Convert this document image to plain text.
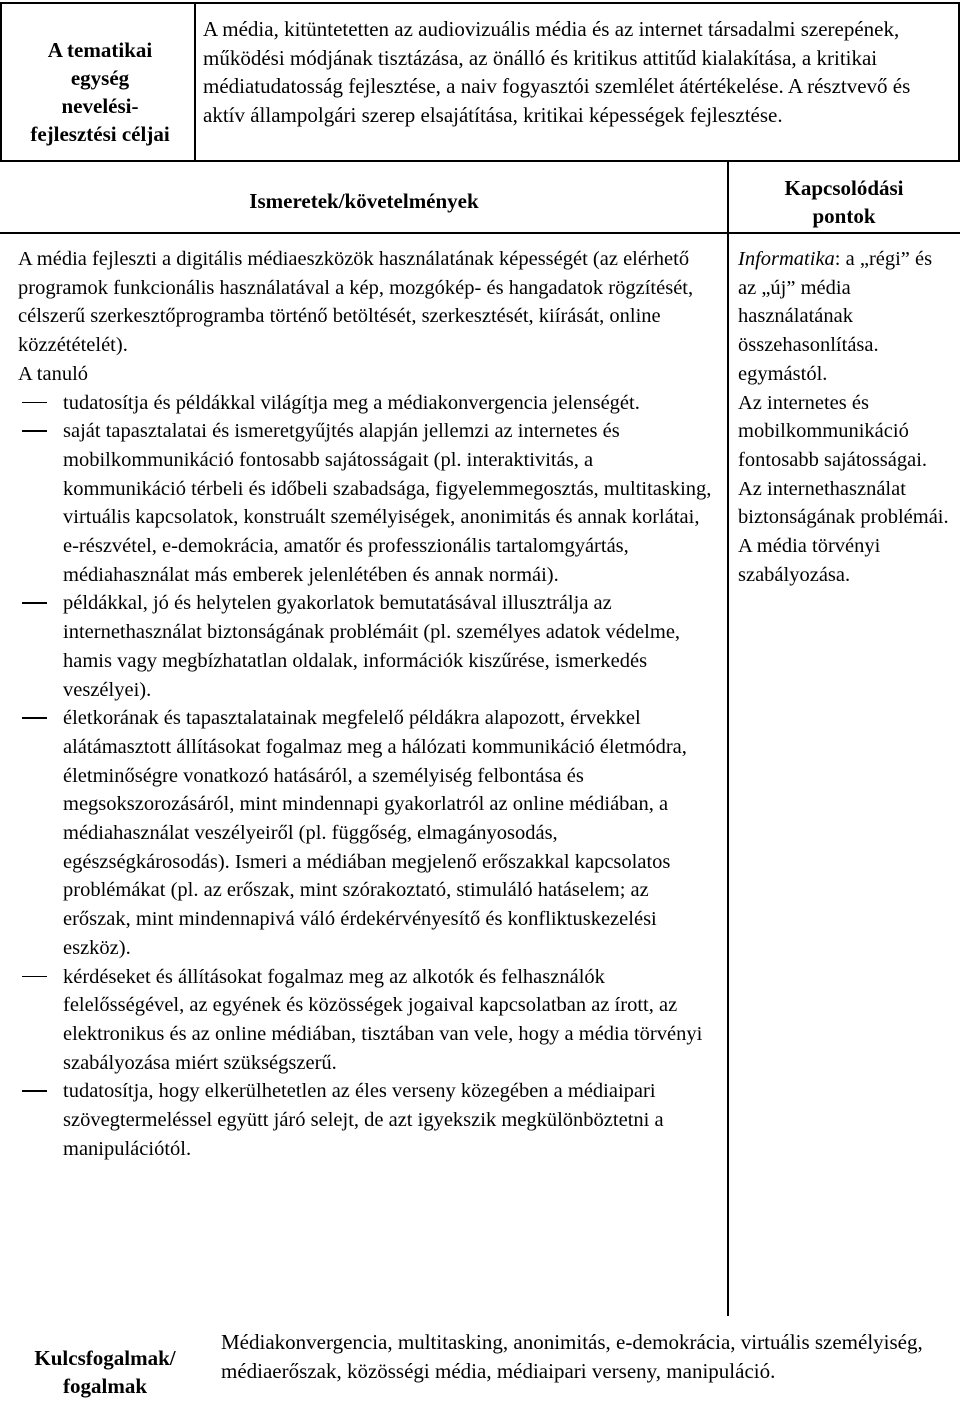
A tematikai
egység
nevelési-
fejlesztési céljai
A média, kitüntetetten az audiovizuális média és az internet társadalmi szerepének, működési módjának tisztázása, az önálló és kritikus attitűd kialakítása, a kritikai médiatudatosság fejlesztése, a naiv fogyasztói szemlélet átértékelése. A résztvevő és aktív állampolgári szerep elsajátítása, kritikai képességek fejlesztése.
Ismeretek/követelmények
Kapcsolódási
pontok

A média fejleszti a digitális médiaeszközök használatának képességét (az elérhető programok funkcionális használatával a kép, mozgókép- és hangadatok rögzítését, célszerű szerkesztőprogramba történő betöltését, szerkesztését, kiírását, online közzétételét).

A tanuló

tudatosítja és példákkal világítja meg a médiakonvergencia jelenségét.
saját tapasztalatai és ismeretgyűjtés alapján jellemzi az internetes és mobilkommunikáció fontosabb sajátosságait (pl. interaktivitás, a kommunikáció térbeli és időbeli szabadsága, figyelemmegosztás, multitasking, virtuális kapcsolatok, konstruált személyiségek, anonimitás és annak korlátai, e-részvétel, e-demokrácia, amatőr és professzionális tartalomgyártás, médiahasználat más emberek jelenlétében és annak normái).
példákkal, jó és helytelen gyakorlatok bemutatásával illusztrálja az internethasználat biztonságának problémáit (pl. személyes adatok védelme, hamis vagy megbízhatatlan oldalak, információk kiszűrése, ismerkedés veszélyei).
életkorának és tapasztalatainak megfelelő példákra alapozott, érvekkel alátámasztott állításokat fogalmaz meg a hálózati kommunikáció életmódra, életminőségre vonatkozó hatásáról, a személyiség felbontása és megsokszorozásáról, mint mindennapi gyakorlatról az online médiában, a médiahasználat veszélyeiről (pl. függőség, elmagányosodás, egészségkárosodás). Ismeri a médiában megjelenő erőszakkal kapcsolatos problémákat (pl. az erőszak, mint szórakoztató, stimuláló hatáselem; az erőszak, mint mindennapivá váló érdekérvényesítő és konfliktuskezelési eszköz).
kérdéseket és állításokat fogalmaz meg az alkotók és felhasználók felelősségével, az egyének és közösségek jogaival kapcsolatban az írott, az elektronikus és az online médiában, tisztában van vele, hogy a média törvényi szabályozása miért szükségszerű.
tudatosítja, hogy elkerülhetetlen az éles verseny közegében a médiaipari szövegtermeléssel együtt járó selejt, de azt igyekszik megkülönböztetni a manipulációtól.

Informatika: a „régi” és az „új” média használatának összehasonlítása. egymástól.

Az internetes és mobilkommunikáció fontosabb sajátosságai.

Az internethasználat biztonságának problémái. A média törvényi szabályozása.

Kulcsfogalmak/
fogalmak
Médiakonvergencia, multitasking, anonimitás, e-demokrácia, virtuális személyiség, médiaerőszak, közösségi média, médiaipari verseny, manipuláció.
